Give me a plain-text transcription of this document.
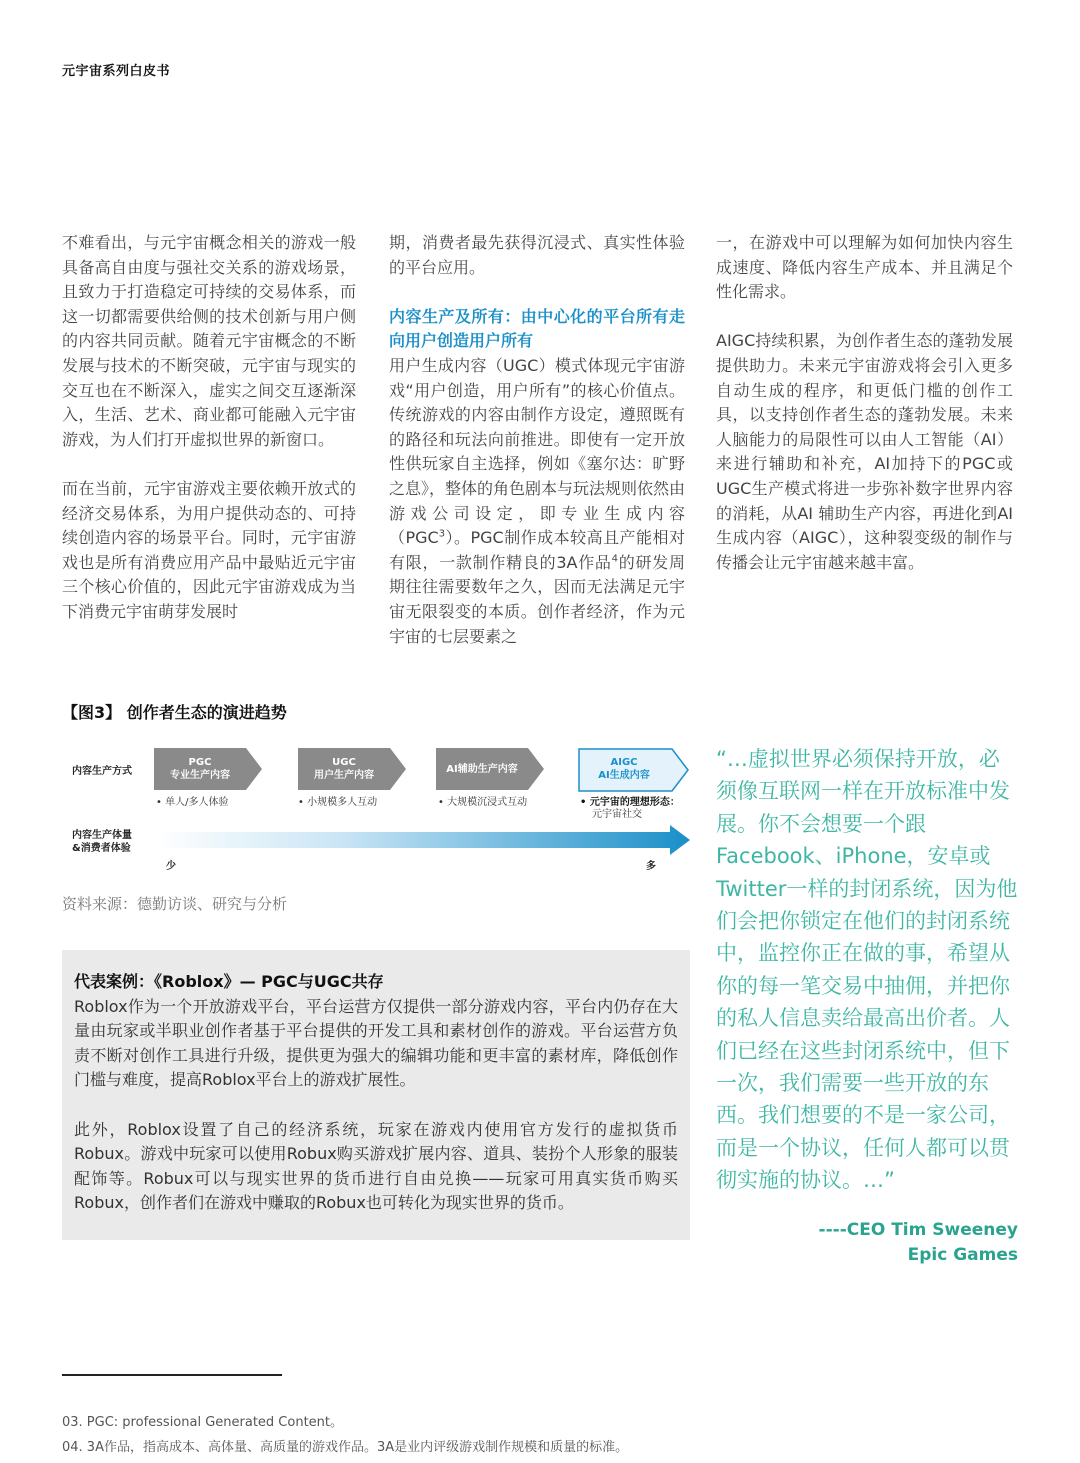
元宇宙系列白皮书

不难看出，与元宇宙概念相关的游戏一般具备高自由度与强社交关系的游戏场景，且致力于打造稳定可持续的交易体系，而这一切都需要供给侧的技术创新与用户侧的内容共同贡献。随着元宇宙概念的不断发展与技术的不断突破，元宇宙与现实的交互也在不断深入，虚实之间交互逐渐深入，生活、艺术、商业都可能融入元宇宙游戏，为人们打开虚拟世界的新窗口。

而在当前，元宇宙游戏主要依赖开放式的经济交易体系，为用户提供动态的、可持续创造内容的场景平台。同时，元宇宙游戏也是所有消费应用产品中最贴近元宇宙三个核心价值的，因此元宇宙游戏成为当下消费元宇宙萌芽发展时

期，消费者最先获得沉浸式、真实性体验的平台应用。

内容生产及所有：由中心化的平台所有走向用户创造用户所有

用户生成内容（UGC）模式体现元宇宙游戏“用户创造，用户所有”的核心价值点。传统游戏的内容由制作方设定，遵照既有的路径和玩法向前推进。即使有一定开放性供玩家自主选择，例如《塞尔达：旷野之息》，整体的角色剧本与玩法规则依然由游戏公司设定，即专业生成内容（PGC$^3$）。PGC制作成本较高且产能相对有限，一款制作精良的3A作品$^4$的研发周期往往需要数年之久，因而无法满足元宇宙无限裂变的本质。创作者经济，作为元宇宙的七层要素之

一，在游戏中可以理解为如何加快内容生成速度、降低内容生产成本、并且满足个性化需求。

AIGC持续积累，为创作者生态的蓬勃发展提供助力。未来元宇宙游戏将会引入更多自动生成的程序，和更低门槛的创作工具，以支持创作者生态的蓬勃发展。未来人脑能力的局限性可以由人工智能（AI）来进行辅助和补充，AI加持下的PGC或UGC生产模式将进一步弥补数字世界内容的消耗，从AI 辅助生产内容，再进化到AI 生成内容（AIGC），这种裂变级的制作与传播会让元宇宙越来越丰富。

【图3】 创作者生态的演进趋势
内容生产方式
PGC
专业生产内容
UGC
用户生产内容
AI辅助生产内容
AIGC
AI生成内容
• 单人/多人体验	• 小规模多人互动	• 大规模沉浸式互动	• 元宇宙的理想形态：
元宇宙社交
内容生产体量
&消费者体验
少	多
资料来源：德勤访谈、研究与分析
代表案例：《Roblox》— PGC与UGC共存

Roblox作为一个开放游戏平台，平台运营方仅提供一部分游戏内容，平台内仍存在大量由玩家或半职业创作者基于平台提供的开发工具和素材创作的游戏。平台运营方负责不断对创作工具进行升级，提供更为强大的编辑功能和更丰富的素材库，降低创作门槛与难度，提高Roblox平台上的游戏扩展性。

此外，Roblox设置了自己的经济系统，玩家在游戏内使用官方发行的虚拟货币Robux。游戏中玩家可以使用Robux购买游戏扩展内容、道具、装扮个人形象的服装配饰等。Robux可以与现实世界的货币进行自由兑换——玩家可用真实货币购买Robux，创作者们在游戏中赚取的Robux也可转化为现实世界的货币。

“…虚拟世界必须保持开放，必须像互联网一样在开放标准中发展。你不会想要一个跟Facebook、iPhone，安卓或Twitter一样的封闭系统，因为他们会把你锁定在他们的封闭系统中，监控你正在做的事，希望从你的每一笔交易中抽佣，并把你的私人信息卖给最高出价者。人们已经在这些封闭系统中，但下一次，我们需要一些开放的东西。我们想要的不是一家公司，而是一个协议，任何人都可以贯彻实施的协议。…”
----CEO Tim Sweeney
Epic Games
03. PGC: professional Generated Content。
04. 3A作品，指高成本、高体量、高质量的游戏作品。3A是业内评级游戏制作规模和质量的标准。
